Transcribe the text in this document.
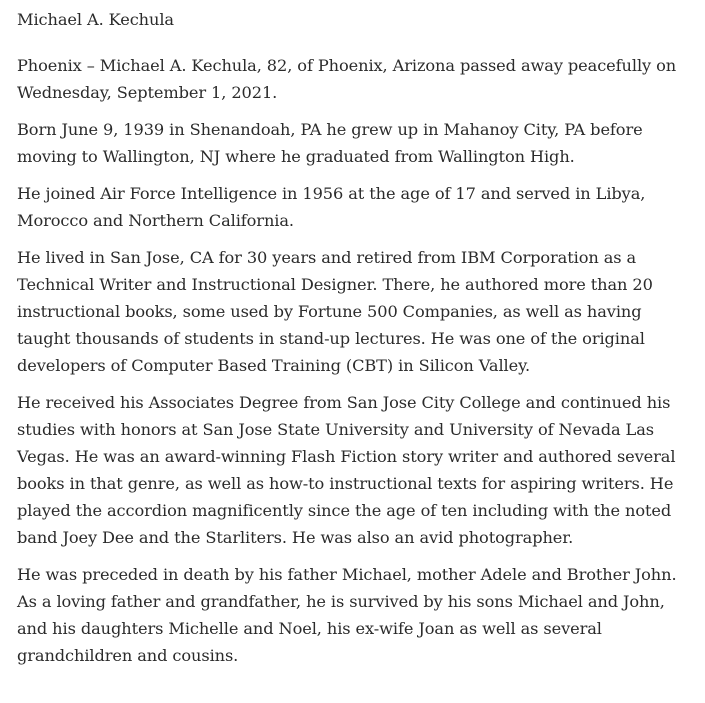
Michael A. Kechula

Phoenix – Michael A. Kechula, 82, of Phoenix, Arizona passed away peacefully on Wednesday, September 1, 2021.

Born June 9, 1939 in Shenandoah, PA he grew up in Mahanoy City, PA before moving to Wallington, NJ where he graduated from Wallington High.

He joined Air Force Intelligence in 1956 at the age of 17 and served in Libya, Morocco and Northern California.

He lived in San Jose, CA for 30 years and retired from IBM Corporation as a Technical Writer and Instructional Designer. There, he authored more than 20 instructional books, some used by Fortune 500 Companies, as well as having taught thousands of students in stand-up lectures. He was one of the original developers of Computer Based Training (CBT) in Silicon Valley.

He received his Associates Degree from San Jose City College and continued his studies with honors at San Jose State University and University of Nevada Las Vegas. He was an award-winning Flash Fiction story writer and authored several books in that genre, as well as how-to instructional texts for aspiring writers. He played the accordion magnificently since the age of ten including with the noted band Joey Dee and the Starliters. He was also an avid photographer.

He was preceded in death by his father Michael, mother Adele and Brother John. As a loving father and grandfather, he is survived by his sons Michael and John, and his daughters Michelle and Noel, his ex-wife Joan as well as several grandchildren and cousins.
